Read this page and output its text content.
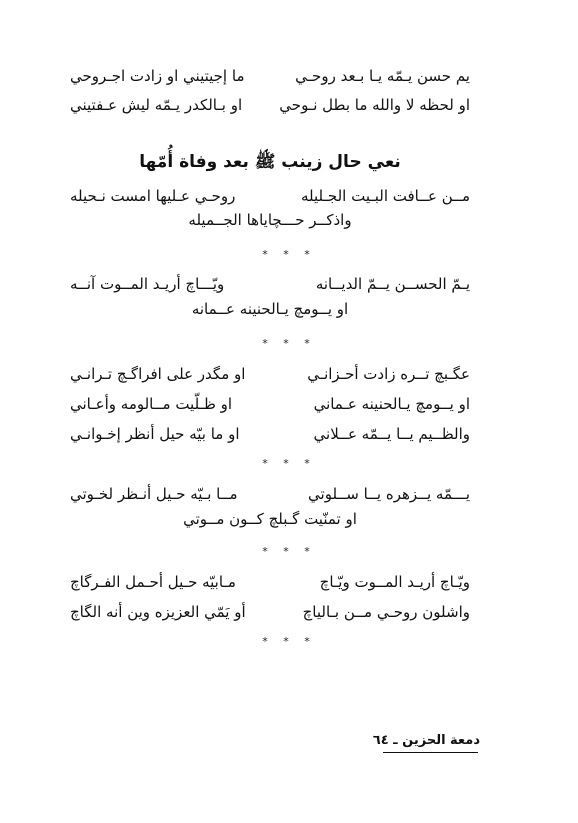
يم حسن يـمّه يـا بـعد روحـي
ما إجيتيني او زادت اجـروحي
او لحظه لا والله ما بطل نـوحي
او بـالكدر يـمّه ليش عـفتيني
نعي حال زينب ﷺ بعد وفاة أُمّها
مــن عــافت البـيت الجـليله
روحـي عـليها امست نـحيله
واذكــر حـــچاياها الجــميله
* * *
يـمّ الحســن يــمّ الديــانه
ويّـــاچ أريـد المــوت آنــه
او يــومچ يـالحنينه عــمانه
* * *
عگـبچ تــره زادت أحـزانـي
او مگدر على افراگـچ تـرانـي
او يــومچ يـالحنينه عـماني
او ظـلّيت مــالومه وأعـاني
والظــيم يــا يــمّه عــلاني
او ما بيّه حيل أنظر إخـوانـي
* * *
يـــمّه يــزهره يــا ســلوتي
مــا بـيّه حـيل أنـظر لخـوتي
او تمنّيت گـبلچ كــون مــوتي
* * *
ويّـاچ أريـد المــوت ويّـاچ
مـابيّه حـيل أحـمل الفـرگاچ
واشلون روحـي مــن بـالياچ
أو يَمّي العزيزه وين أنه الگاچ
* * *
دمعة الحزين ـ ٦٤
